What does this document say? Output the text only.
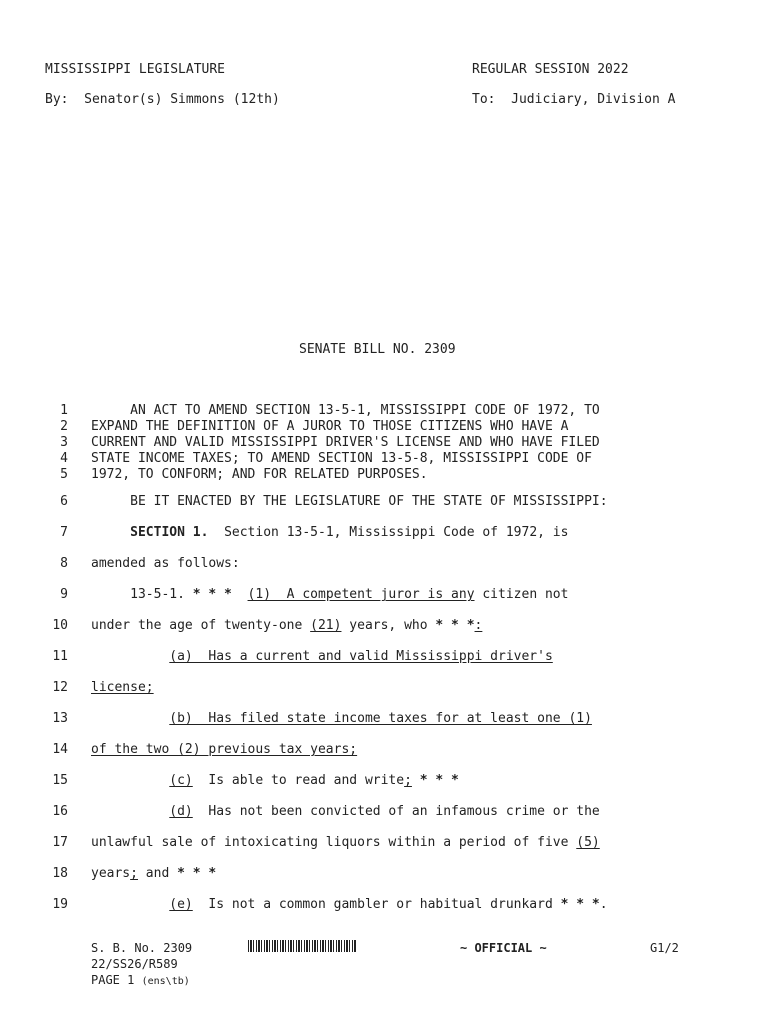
MISSISSIPPI LEGISLATURE	REGULAR SESSION 2022
By:  Senator(s) Simmons (12th)	To:  Judiciary, Division A
SENATE BILL NO. 2309
1 AN ACT TO AMEND SECTION 13-5-1, MISSISSIPPI CODE OF 1972, TO
2 EXPAND THE DEFINITION OF A JUROR TO THOSE CITIZENS WHO HAVE A
3 CURRENT AND VALID MISSISSIPPI DRIVER'S LICENSE AND WHO HAVE FILED
4 STATE INCOME TAXES; TO AMEND SECTION 13-5-8, MISSISSIPPI CODE OF
5 1972, TO CONFORM; AND FOR RELATED PURPOSES.
6 BE IT ENACTED BY THE LEGISLATURE OF THE STATE OF MISSISSIPPI:
7	SECTION 1.  Section 13-5-1, Mississippi Code of 1972, is
8 amended as follows:
9 13-5-1. * * * (1)  A competent juror is any citizen not
10 under the age of twenty-one (21) years, who * * *:
11	(a)  Has a current and valid Mississippi driver's
12 license;
13	(b)  Has filed state income taxes for at least one (1)
14 of the two (2) previous tax years;
15	(c)  Is able to read and write; * * *
16	(d)  Has not been convicted of an infamous crime or the
17 unlawful sale of intoxicating liquors within a period of five (5)
18 years; and * * *
19	(e)  Is not a common gambler or habitual drunkard * * *.
S. B. No. 2309	~ OFFICIAL ~	G1/2
22/SS26/R589
PAGE 1 (ens\tb)
